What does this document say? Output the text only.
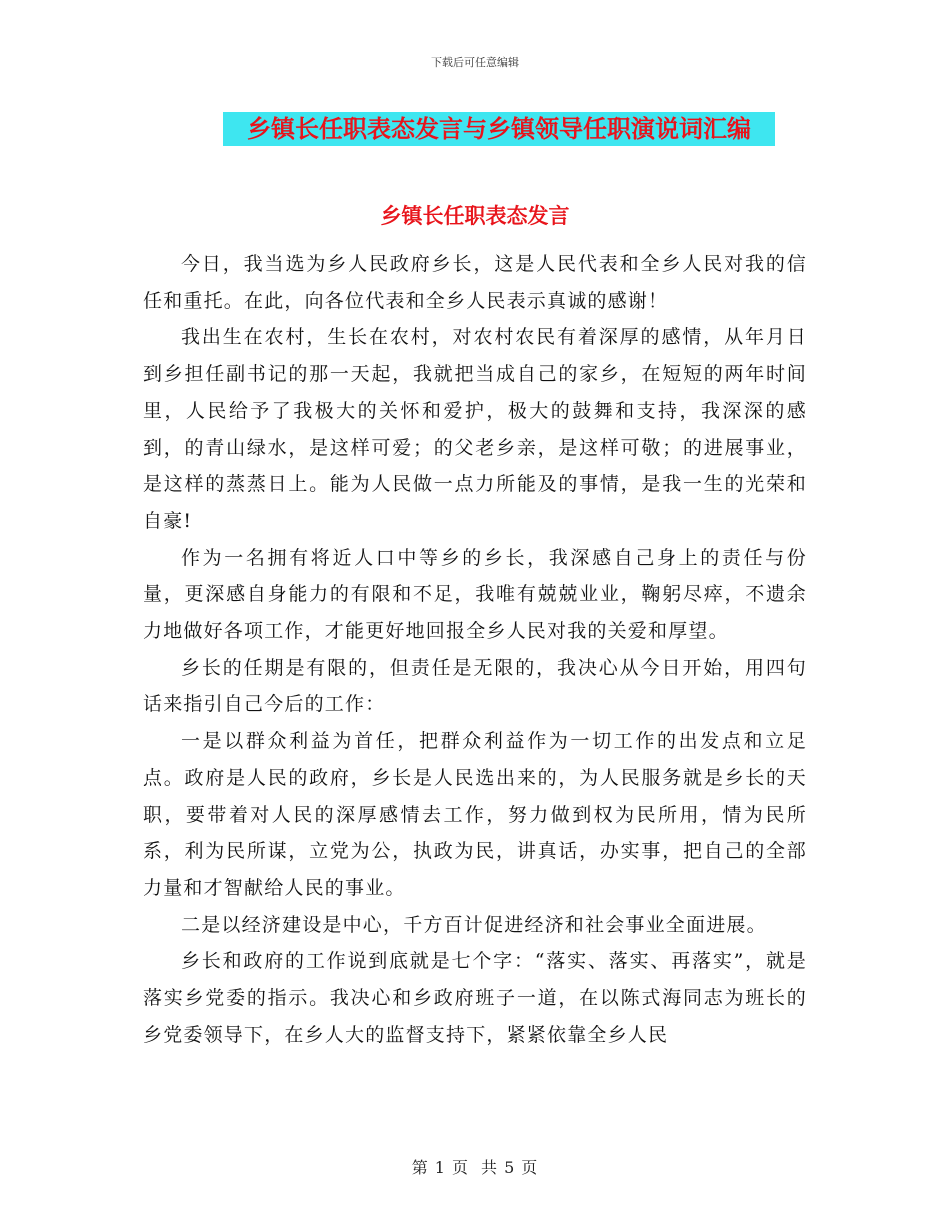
下载后可任意编辑
乡镇长任职表态发言与乡镇领导任职演说词汇编
乡镇长任职表态发言

今日，我当选为乡人民政府乡长，这是人民代表和全乡人民对我的信任和重托。在此，向各位代表和全乡人民表示真诚的感谢！

我出生在农村，生长在农村，对农村农民有着深厚的感情，从年月日到乡担任副书记的那一天起，我就把当成自己的家乡，在短短的两年时间里，人民给予了我极大的关怀和爱护，极大的鼓舞和支持，我深深的感到，的青山绿水，是这样可爱；的父老乡亲，是这样可敬；的进展事业，是这样的蒸蒸日上。能为人民做一点力所能及的事情，是我一生的光荣和自豪!

作为一名拥有将近人口中等乡的乡长，我深感自己身上的责任与份量，更深感自身能力的有限和不足，我唯有兢兢业业，鞠躬尽瘁，不遗余力地做好各项工作，才能更好地回报全乡人民对我的关爱和厚望。

乡长的任期是有限的，但责任是无限的，我决心从今日开始，用四句话来指引自己今后的工作：

一是以群众利益为首任，把群众利益作为一切工作的出发点和立足点。政府是人民的政府，乡长是人民选出来的，为人民服务就是乡长的天职，要带着对人民的深厚感情去工作，努力做到权为民所用，情为民所系，利为民所谋，立党为公，执政为民，讲真话，办实事，把自己的全部力量和才智献给人民的事业。

二是以经济建设是中心，千方百计促进经济和社会事业全面进展。

乡长和政府的工作说到底就是七个字：“落实、落实、再落实”，就是落实乡党委的指示。我决心和乡政府班子一道，在以陈式海同志为班长的乡党委领导下，在乡人大的监督支持下，紧紧依靠全乡人民

第 1 页 共 5 页
